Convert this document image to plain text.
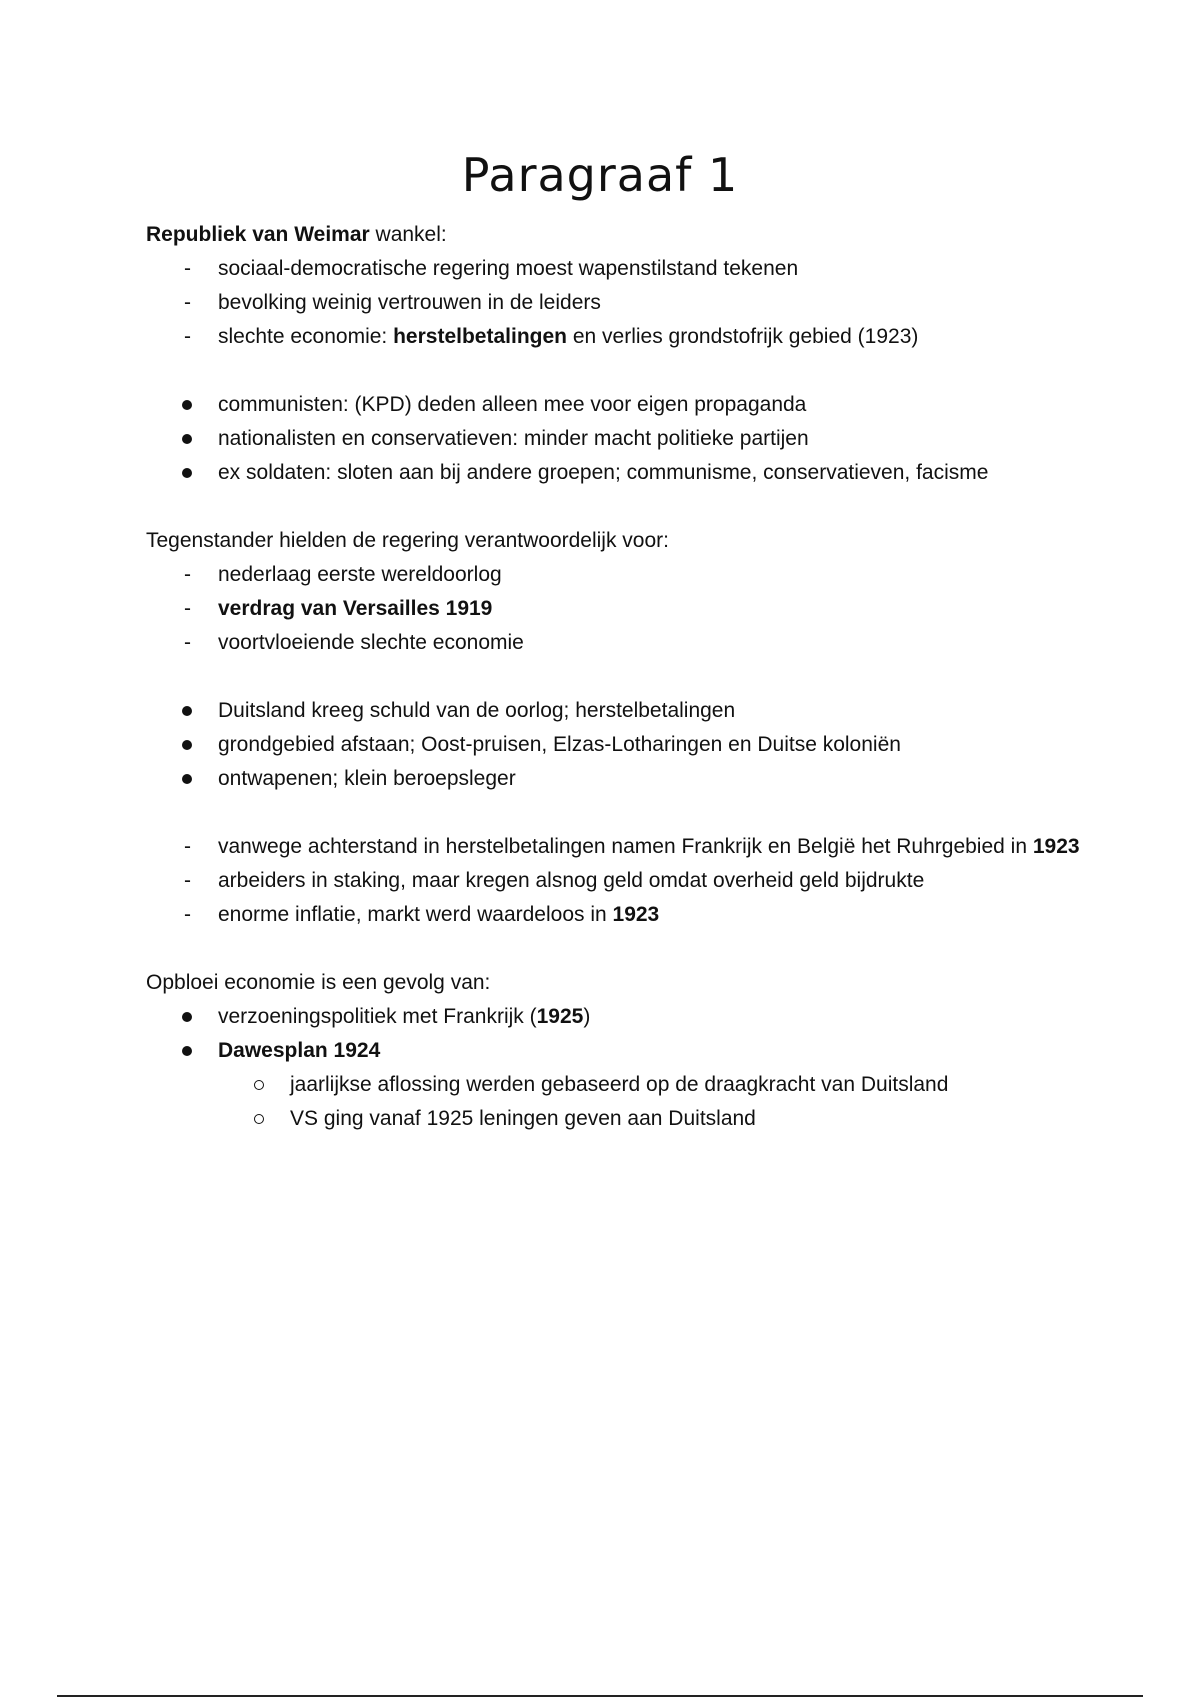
Paragraaf 1
Republiek van Weimar wankel:
-	sociaal-democratische regering moest wapenstilstand tekenen
-	bevolking weinig vertrouwen in de leiders
-	slechte economie: herstelbetalingen en verlies grondstofrijk gebied (1923)
communisten: (KPD) deden alleen mee voor eigen propaganda
nationalisten en conservatieven: minder macht politieke partijen
ex soldaten: sloten aan bij andere groepen; communisme, conservatieven, facisme
Tegenstander hielden de regering verantwoordelijk voor:
-	nederlaag eerste wereldoorlog
-	verdrag van Versailles 1919
-	voortvloeiende slechte economie
Duitsland kreeg schuld van de oorlog; herstelbetalingen
grondgebied afstaan; Oost-pruisen, Elzas-Lotharingen en Duitse koloniën
ontwapenen; klein beroepsleger
-	vanwege achterstand in herstelbetalingen namen Frankrijk en België het Ruhrgebied in 1923
-	arbeiders in staking, maar kregen alsnog geld omdat overheid geld bijdrukte
-	enorme inflatie, markt werd waardeloos in 1923
Opbloei economie is een gevolg van:
verzoeningspolitiek met Frankrijk (1925)
Dawesplan 1924
jaarlijkse aflossing werden gebaseerd op de draagkracht van Duitsland
VS ging vanaf 1925 leningen geven aan Duitsland
